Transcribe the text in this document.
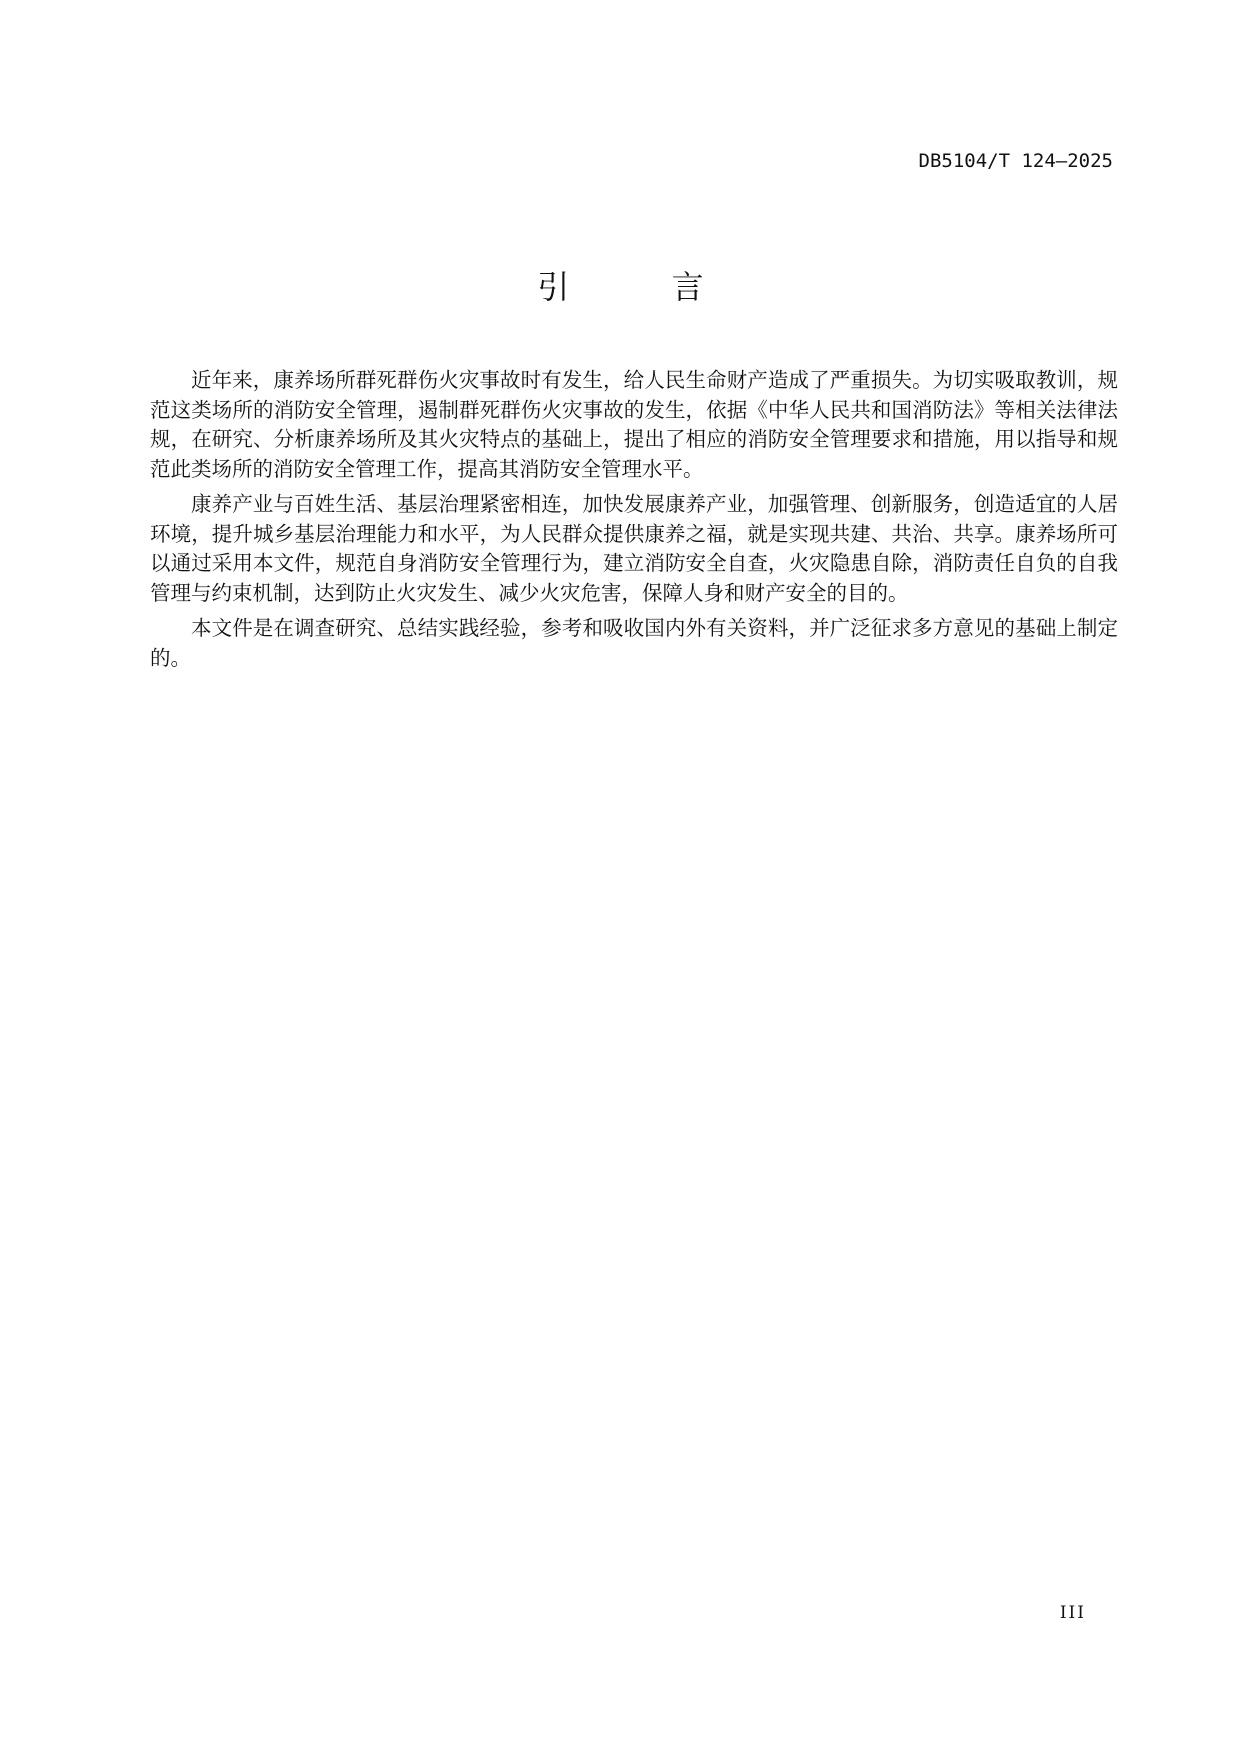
DB5104/T 124—2025
引 言

近年来，康养场所群死群伤火灾事故时有发生，给人民生命财产造成了严重损失。为切实吸取教训，规范这类场所的消防安全管理，遏制群死群伤火灾事故的发生，依据《中华人民共和国消防法》等相关法律法规，在研究、分析康养场所及其火灾特点的基础上，提出了相应的消防安全管理要求和措施，用以指导和规范此类场所的消防安全管理工作，提高其消防安全管理水平。

康养产业与百姓生活、基层治理紧密相连，加快发展康养产业，加强管理、创新服务，创造适宜的人居环境，提升城乡基层治理能力和水平，为人民群众提供康养之福，就是实现共建、共治、共享。康养场所可以通过采用本文件，规范自身消防安全管理行为，建立消防安全自查，火灾隐患自除，消防责任自负的自我管理与约束机制，达到防止火灾发生、减少火灾危害，保障人身和财产安全的目的。

本文件是在调查研究、总结实践经验，参考和吸收国内外有关资料，并广泛征求多方意见的基础上制定的。

III
